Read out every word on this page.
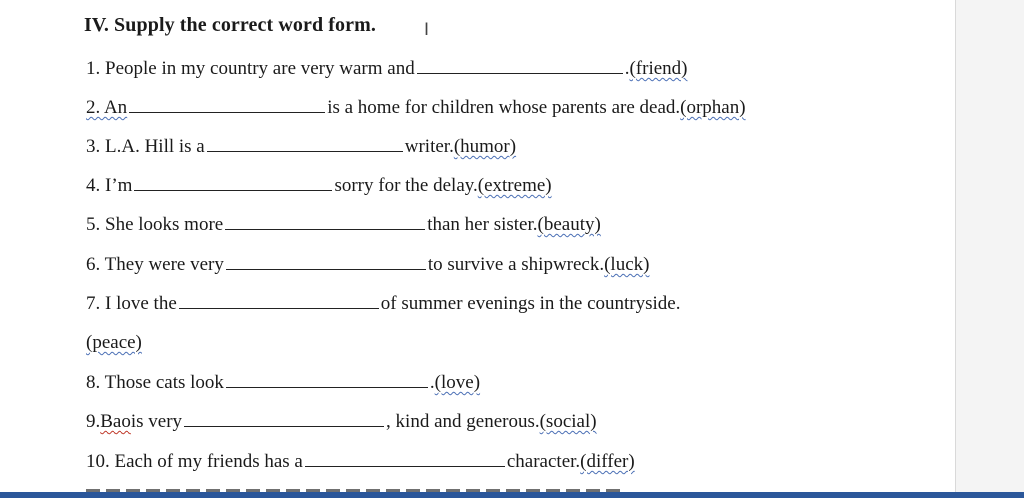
IV. Supply the correct word form.	I
1. People in my country are very warm and	.(friend)
2. An	is a home for children whose parents are dead.(orphan)
3. L.A. Hill is a	writer.(humor)
4. I’m	sorry for the delay.(extreme)
5. She looks more	than her sister.(beauty)
6. They were very	to survive a shipwreck.(luck)
7. I love the	of summer evenings in the countryside.
(peace)
8. Those cats look	.(love)
9.Baois very	, kind and generous.(social)
10. Each of my friends has a	character.(differ)
